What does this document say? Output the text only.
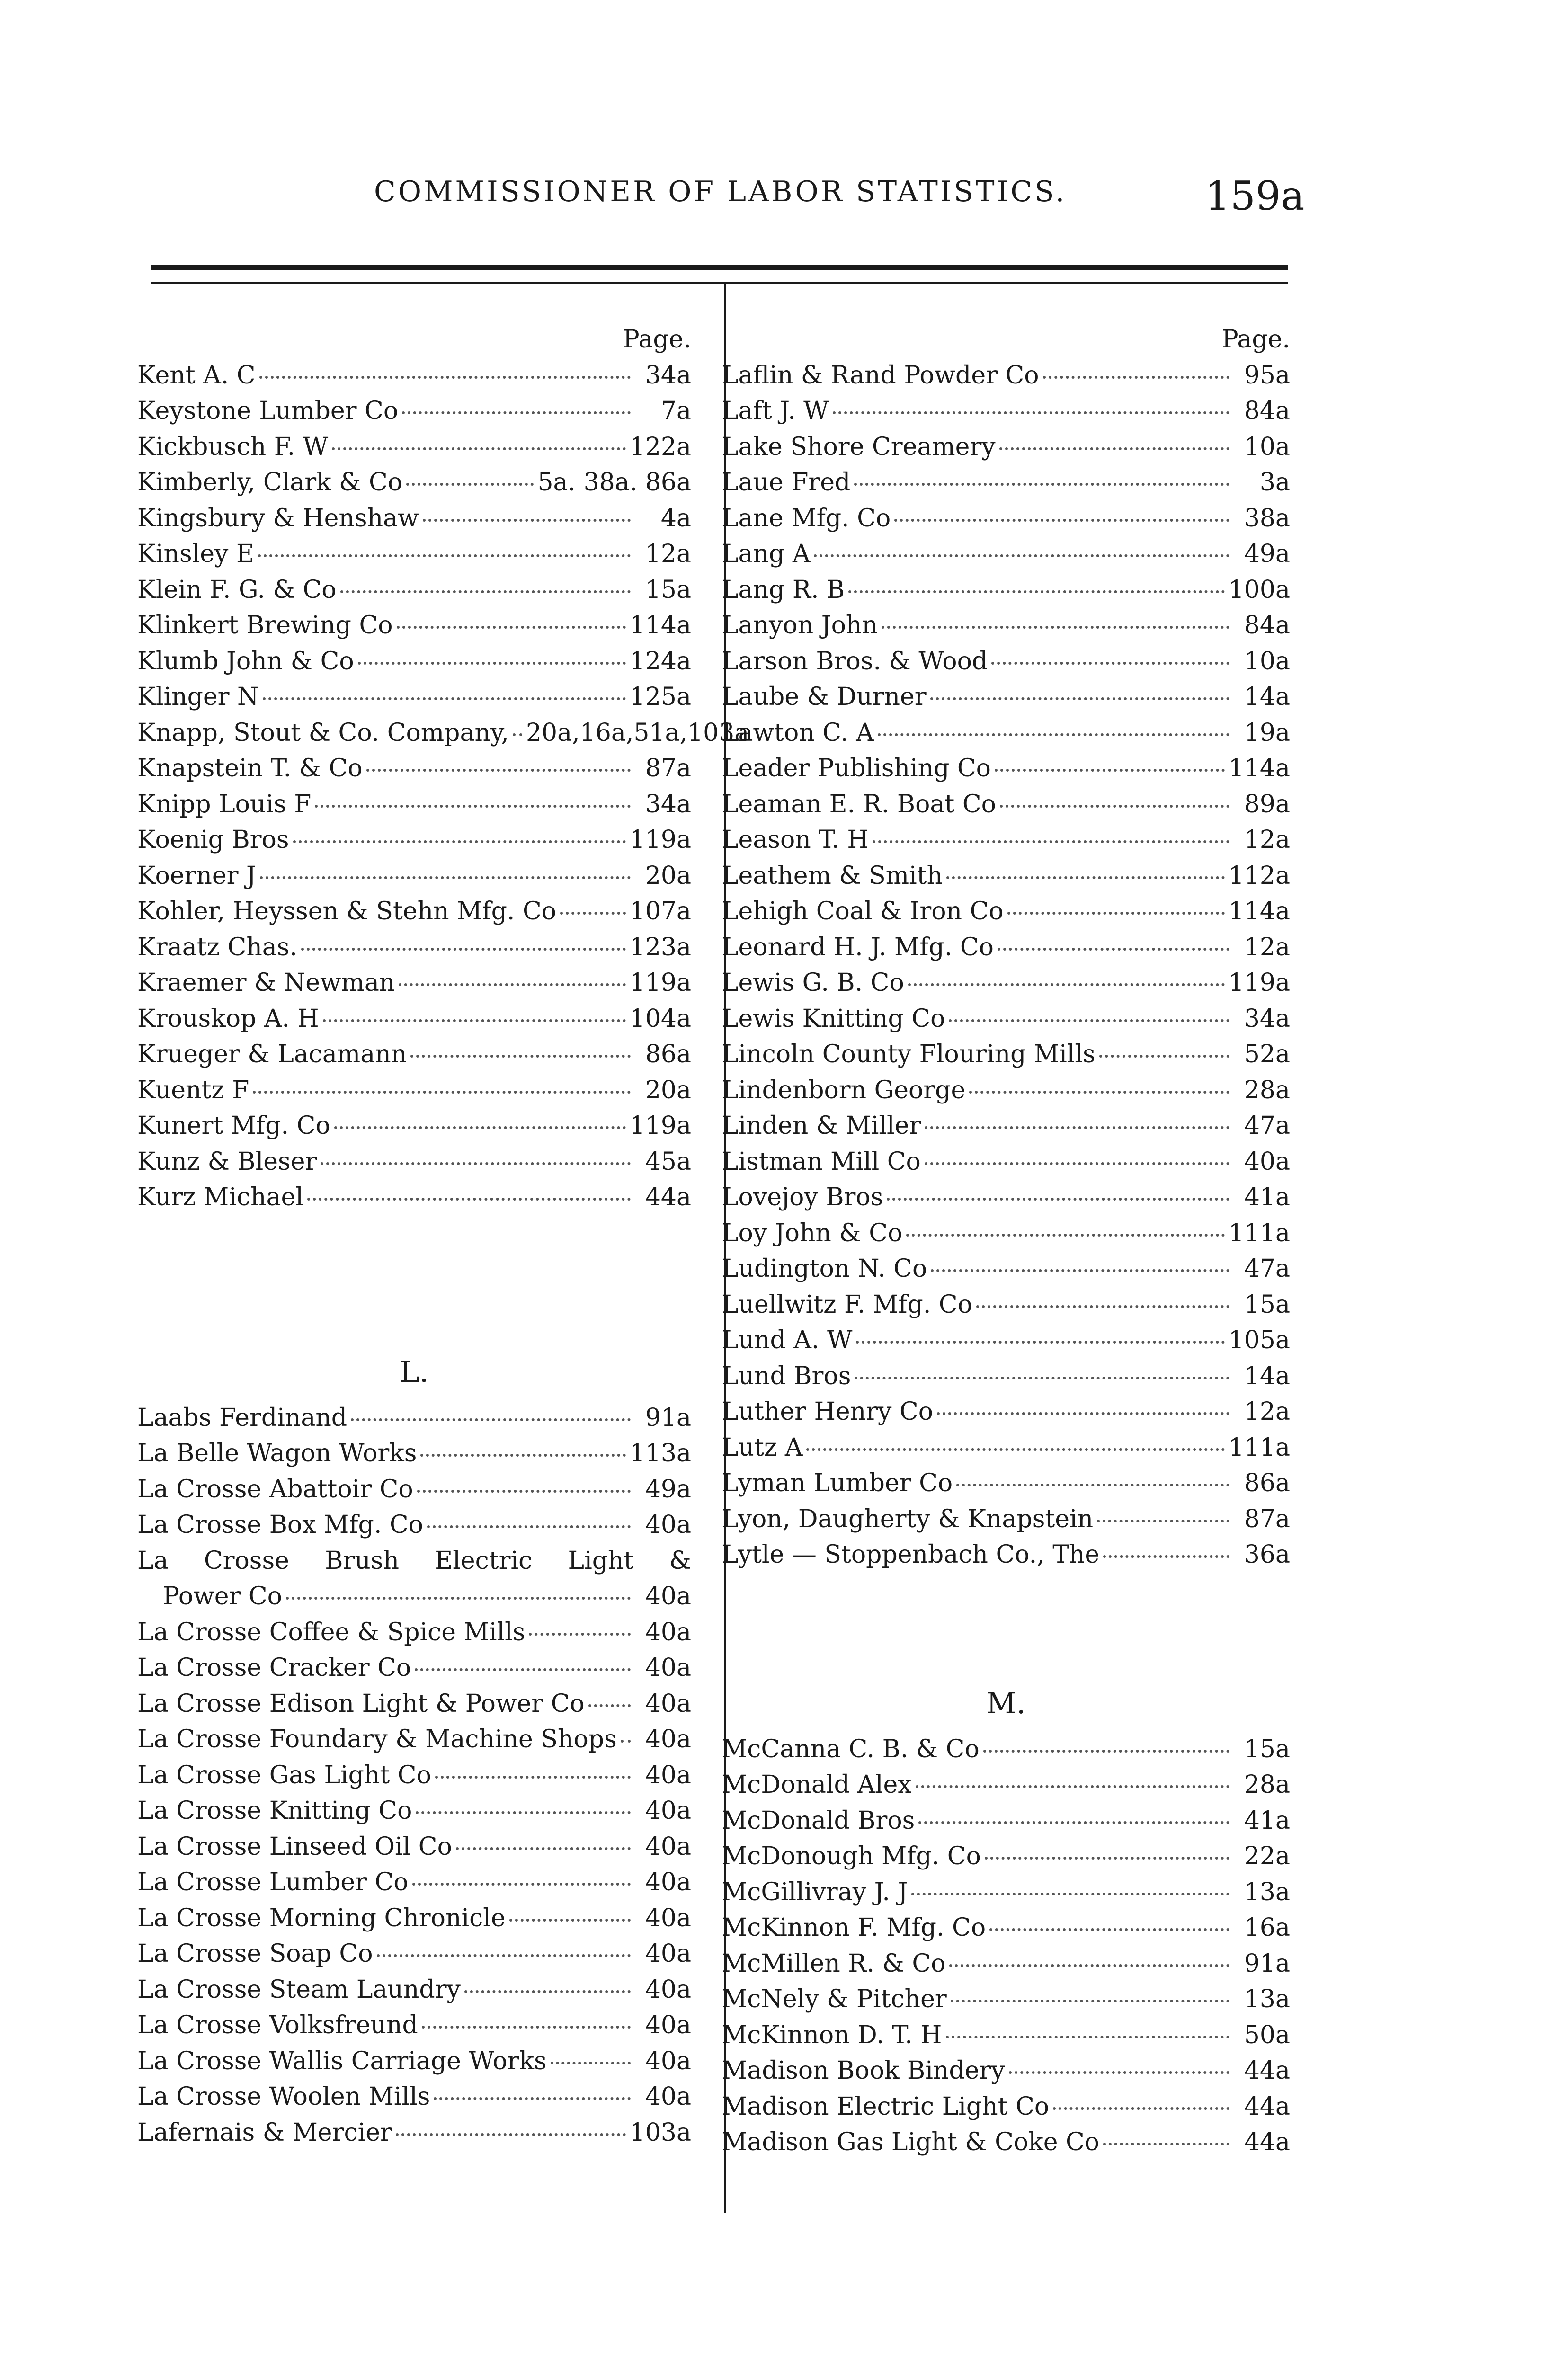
COMMISSIONER OF LABOR STATISTICS.	159a
Page.
Kent A. C	34a
Keystone Lumber Co	7a
Kickbusch F. W	122a
Kimberly, Clark & Co	5a. 38a. 86a
Kingsbury & Henshaw	4a
Kinsley E	12a
Klein F. G. & Co	15a
Klinkert Brewing Co	114a
Klumb John & Co	124a
Klinger N	125a
Knapp, Stout & Co. Company, 20a,16a,51a,103a
Knapstein T. & Co	87a
Knipp Louis F	34a
Koenig Bros	119a
Koerner J	20a
Kohler, Heyssen & Stehn Mfg. Co	107a
Kraatz Chas.	123a
Kraemer & Newman	119a
Krouskop A. H	104a
Krueger & Lacamann	86a
Kuentz F	20a
Kunert Mfg. Co	119a
Kunz & Bleser	45a
Kurz Michael	44a
L.
Laabs Ferdinand	91a
La Belle Wagon Works	113a
La Crosse Abattoir Co	49a
La Crosse Box Mfg. Co	40a
La Crosse Brush Electric Light &
Power Co	40a
La Crosse Coffee & Spice Mills	40a
La Crosse Cracker Co	40a
La Crosse Edison Light & Power Co	40a
La Crosse Foundary & Machine Shops	40a
La Crosse Gas Light Co	40a
La Crosse Knitting Co	40a
La Crosse Linseed Oil Co	40a
La Crosse Lumber Co	40a
La Crosse Morning Chronicle	40a
La Crosse Soap Co	40a
La Crosse Steam Laundry	40a
La Crosse Volksfreund	40a
La Crosse Wallis Carriage Works	40a
La Crosse Woolen Mills	40a
Lafernais & Mercier	103a
Page.
Laflin & Rand Powder Co	95a
Laft J. W	84a
Lake Shore Creamery	10a
Laue Fred	3a
Lane Mfg. Co	38a
Lang A	49a
Lang R. B	100a
Lanyon John	84a
Larson Bros. & Wood	10a
Laube & Durner	14a
Lawton C. A	19a
Leader Publishing Co	114a
Leaman E. R. Boat Co	89a
Leason T. H	12a
Leathem & Smith	112a
Lehigh Coal & Iron Co	114a
Leonard H. J. Mfg. Co	12a
Lewis G. B. Co	119a
Lewis Knitting Co	34a
Lincoln County Flouring Mills	52a
Lindenborn George	28a
Linden & Miller	47a
Listman Mill Co	40a
Lovejoy Bros	41a
Loy John & Co	111a
Ludington N. Co	47a
Luellwitz F. Mfg. Co	15a
Lund A. W	105a
Lund Bros	14a
Luther Henry Co	12a
Lutz A	111a
Lyman Lumber Co	86a
Lyon, Daugherty & Knapstein	87a
Lytle — Stoppenbach Co., The	36a
M.
McCanna C. B. & Co	15a
McDonald Alex	28a
McDonald Bros	41a
McDonough Mfg. Co	22a
McGillivray J. J	13a
McKinnon F. Mfg. Co	16a
McMillen R. & Co	91a
McNely & Pitcher	13a
McKinnon D. T. H	50a
Madison Book Bindery	44a
Madison Electric Light Co	44a
Madison Gas Light & Coke Co	44a
